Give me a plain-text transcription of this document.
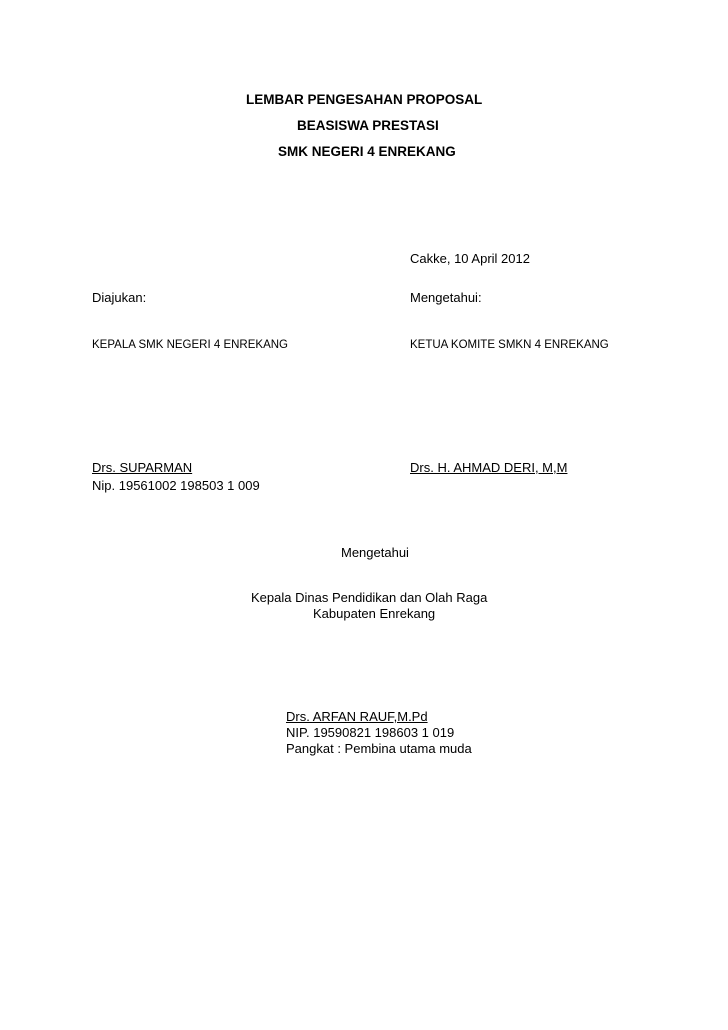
LEMBAR PENGESAHAN PROPOSAL
BEASISWA PRESTASI
SMK NEGERI 4 ENREKANG
Cakke, 10 April 2012
Diajukan:
KEPALA SMK NEGERI 4 ENREKANG
Drs. SUPARMAN
Nip. 19561002 198503 1 009
Mengetahui:
KETUA KOMITE SMKN 4 ENREKANG
Drs. H. AHMAD DERI, M,M
Mengetahui
Kepala Dinas Pendidikan dan Olah Raga
Kabupaten Enrekang
Drs. ARFAN RAUF,M.Pd
NIP. 19590821 198603 1 019
Pangkat : Pembina utama muda
